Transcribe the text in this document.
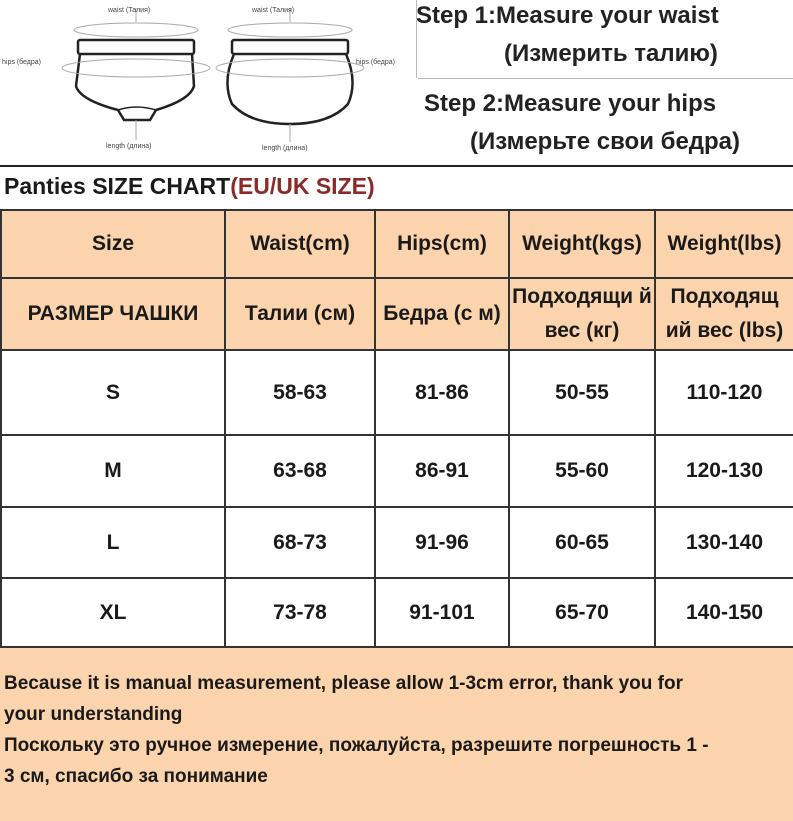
waist (Талия)
hips (бедра)
length (длина)
waist (Талия)
hips (бедра)
length (длина)
Step 1:Measure your waist
(Измерить талию)
Step 2:Measure your hips
(Измерьте свои бедра)
Panties SIZE CHART(EU/UK SIZE)
Size	Waist(cm)	Hips(cm)	Weight(kgs)	Weight(lbs)
РАЗМЕР ЧАШКИ	Талии (см)	Бедра (с м)	Подходящи й вес (кг)	Подходящ ий вес (lbs)
S	58-63	81-86	50-55	110-120
M	63-68	86-91	55-60	120-130
L	68-73	91-96	60-65	130-140
XL	73-78	91-101	65-70	140-150

Because it is manual measurement, please allow 1-3cm error, thank you for

your understanding

Поскольку это ручное измерение, пожалуйста, разрешите погрешность 1 -

3 см, спасибо за понимание
